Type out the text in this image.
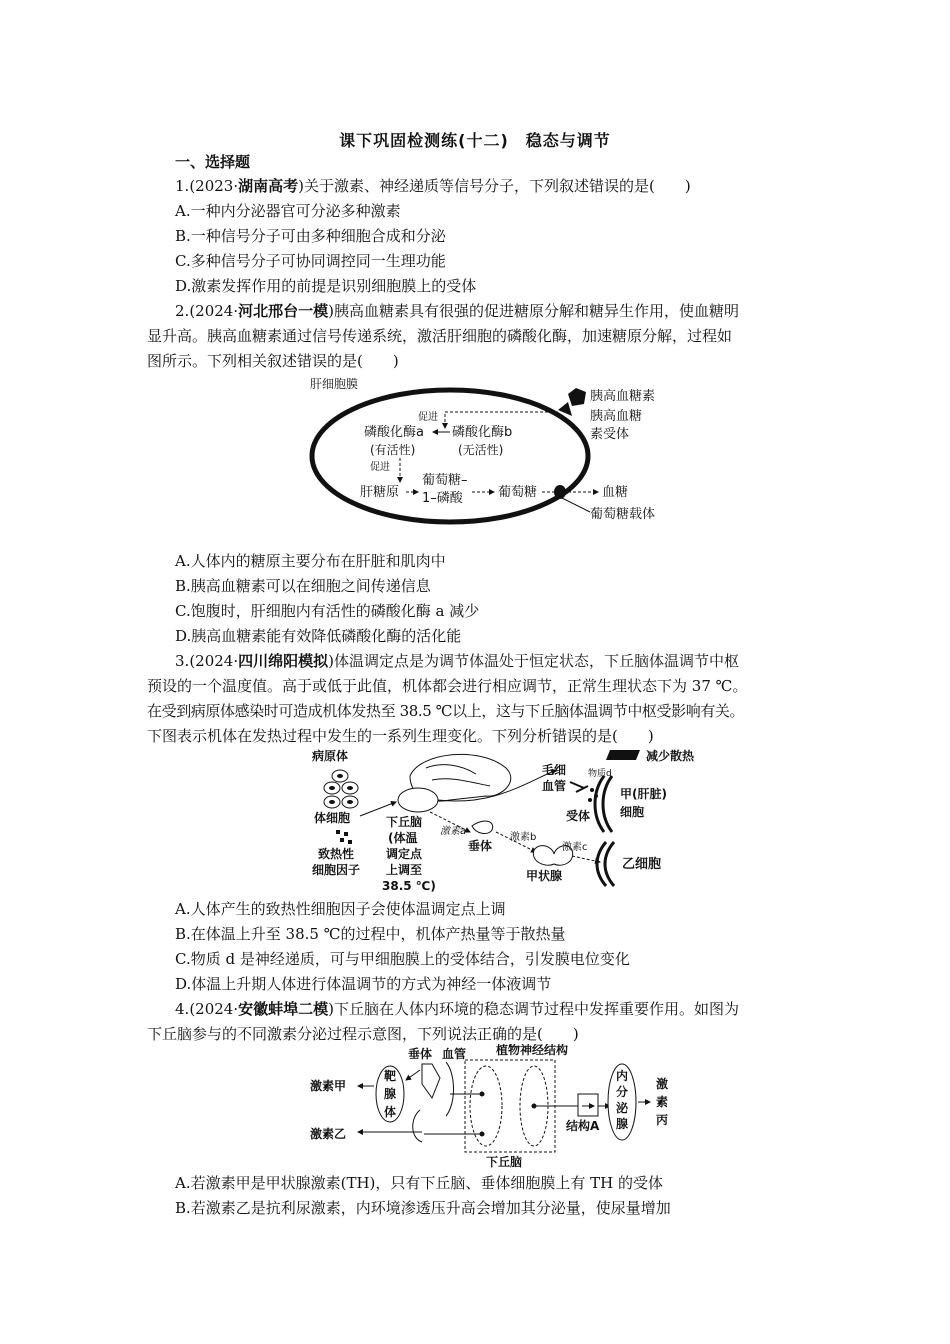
课下巩固检测练(十二)　稳态与调节
一、选择题
1.(2023·湖南高考)关于激素、神经递质等信号分子，下列叙述错误的是(　　)
A.一种内分泌器官可分泌多种激素
B.一种信号分子可由多种细胞合成和分泌
C.多种信号分子可协同调控同一生理功能
D.激素发挥作用的前提是识别细胞膜上的受体
2.(2024·河北邢台一模)胰高血糖素具有很强的促进糖原分解和糖异生作用，使血糖明
显升高。胰高血糖素通过信号传递系统，激活肝细胞的磷酸化酶，加速糖原分解，过程如
图所示。下列相关叙述错误的是(　　)
肝细胞膜
胰高血糖素
胰高血糖
素受体
促进
磷酸化酶a
(有活性)
磷酸化酶b
(无活性)
促进
肝糖原
葡萄糖–
1–磷酸	葡萄糖	血糖
葡萄糖载体
A.人体内的糖原主要分布在肝脏和肌肉中
B.胰高血糖素可以在细胞之间传递信息
C.饱腹时，肝细胞内有活性的磷酸化酶 a 减少
D.胰高血糖素能有效降低磷酸化酶的活化能
3.(2024·四川绵阳模拟)体温调定点是为调节体温处于恒定状态，下丘脑体温调节中枢
预设的一个温度值。高于或低于此值，机体都会进行相应调节，正常生理状态下为 37 ℃。
在受到病原体感染时可造成机体发热至 38.5 ℃以上，这与下丘脑体温调节中枢受影响有关。
下图表示机体在发热过程中发生的一系列生理变化。下列分析错误的是(　　)
病原体
体细胞
致热性
细胞因子
下丘脑
(体温
调定点
上调至
38.5 ℃)
激素a
垂体
激素b
甲状腺
激素c
乙细胞
毛细
血管
减少散热
物质d
受体
甲(肝脏)
细胞
A.人体产生的致热性细胞因子会使体温调定点上调
B.在体温上升至 38.5 ℃的过程中，机体产热量等于散热量
C.物质 d 是神经递质，可与甲细胞膜上的受体结合，引发膜电位变化
D.体温上升期人体进行体温调节的方式为神经一体液调节
4.(2024·安徽蚌埠二模)下丘脑在人体内环境的稳态调节过程中发挥重要作用。如图为
下丘脑参与的不同激素分泌过程示意图，下列说法正确的是(　　)
激素甲
靶
腺
体
垂体 血管
激素乙
植物神经结构
结构A
内
分
泌
腺
激
素
丙
下丘脑
A.若激素甲是甲状腺激素(TH)，只有下丘脑、垂体细胞膜上有 TH 的受体
B.若激素乙是抗利尿激素，内环境渗透压升高会增加其分泌量，使尿量增加
